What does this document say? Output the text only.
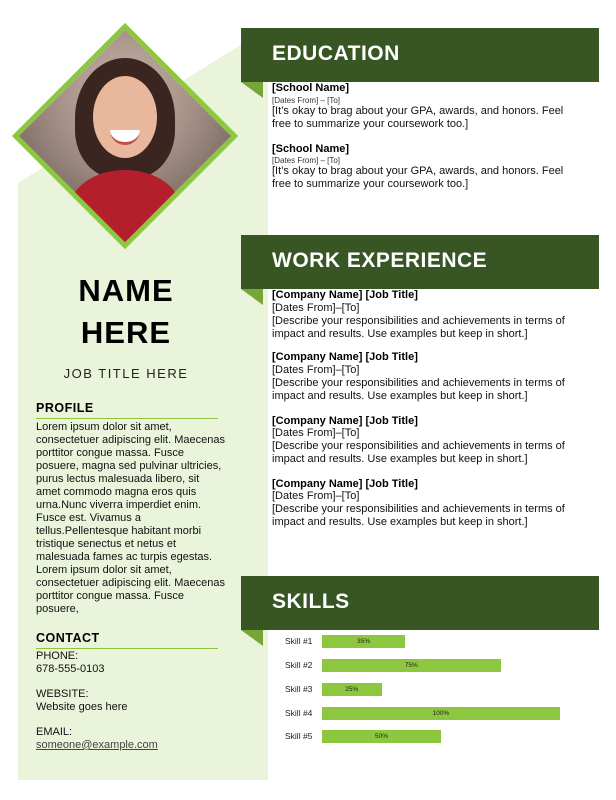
NAME HERE
JOB TITLE HERE
PROFILE
Lorem ipsum dolor sit amet, consectetuer adipiscing elit. Maecenas porttitor congue massa. Fusce posuere, magna sed pulvinar ultricies, purus lectus malesuada libero, sit amet commodo magna eros quis urna.Nunc viverra imperdiet enim. Fusce est. Vivamus a tellus.Pellentesque habitant morbi tristique senectus et netus et malesuada fames ac turpis egestas. Lorem ipsum dolor sit amet, consectetuer adipiscing elit. Maecenas porttitor congue massa. Fusce posuere,
CONTACT
PHONE:
678-555-0103
WEBSITE:
Website goes here
EMAIL:
someone@example.com
EDUCATION
[School Name]
[Dates From] – [To]
[It’s okay to brag about your GPA, awards, and honors. Feel free to summarize your coursework too.]
[School Name]
[Dates From] – [To]
[It’s okay to brag about your GPA, awards, and honors. Feel free to summarize your coursework too.]
WORK EXPERIENCE
[Company Name] [Job Title]
[Dates From]–[To]
[Describe your responsibilities and achievements in terms of impact and results. Use examples but keep in short.]
[Company Name] [Job Title]
[Dates From]–[To]
[Describe your responsibilities and achievements in terms of impact and results. Use examples but keep in short.]
[Company Name] [Job Title]
[Dates From]–[To]
[Describe your responsibilities and achievements in terms of impact and results. Use examples but keep in short.]
[Company Name] [Job Title]
[Dates From]–[To]
[Describe your responsibilities and achievements in terms of impact and results. Use examples but keep in short.]
SKILLS
Skill #1	35%
Skill #2	75%
Skill #3	25%
Skill #4	100%
Skill #5	50%
